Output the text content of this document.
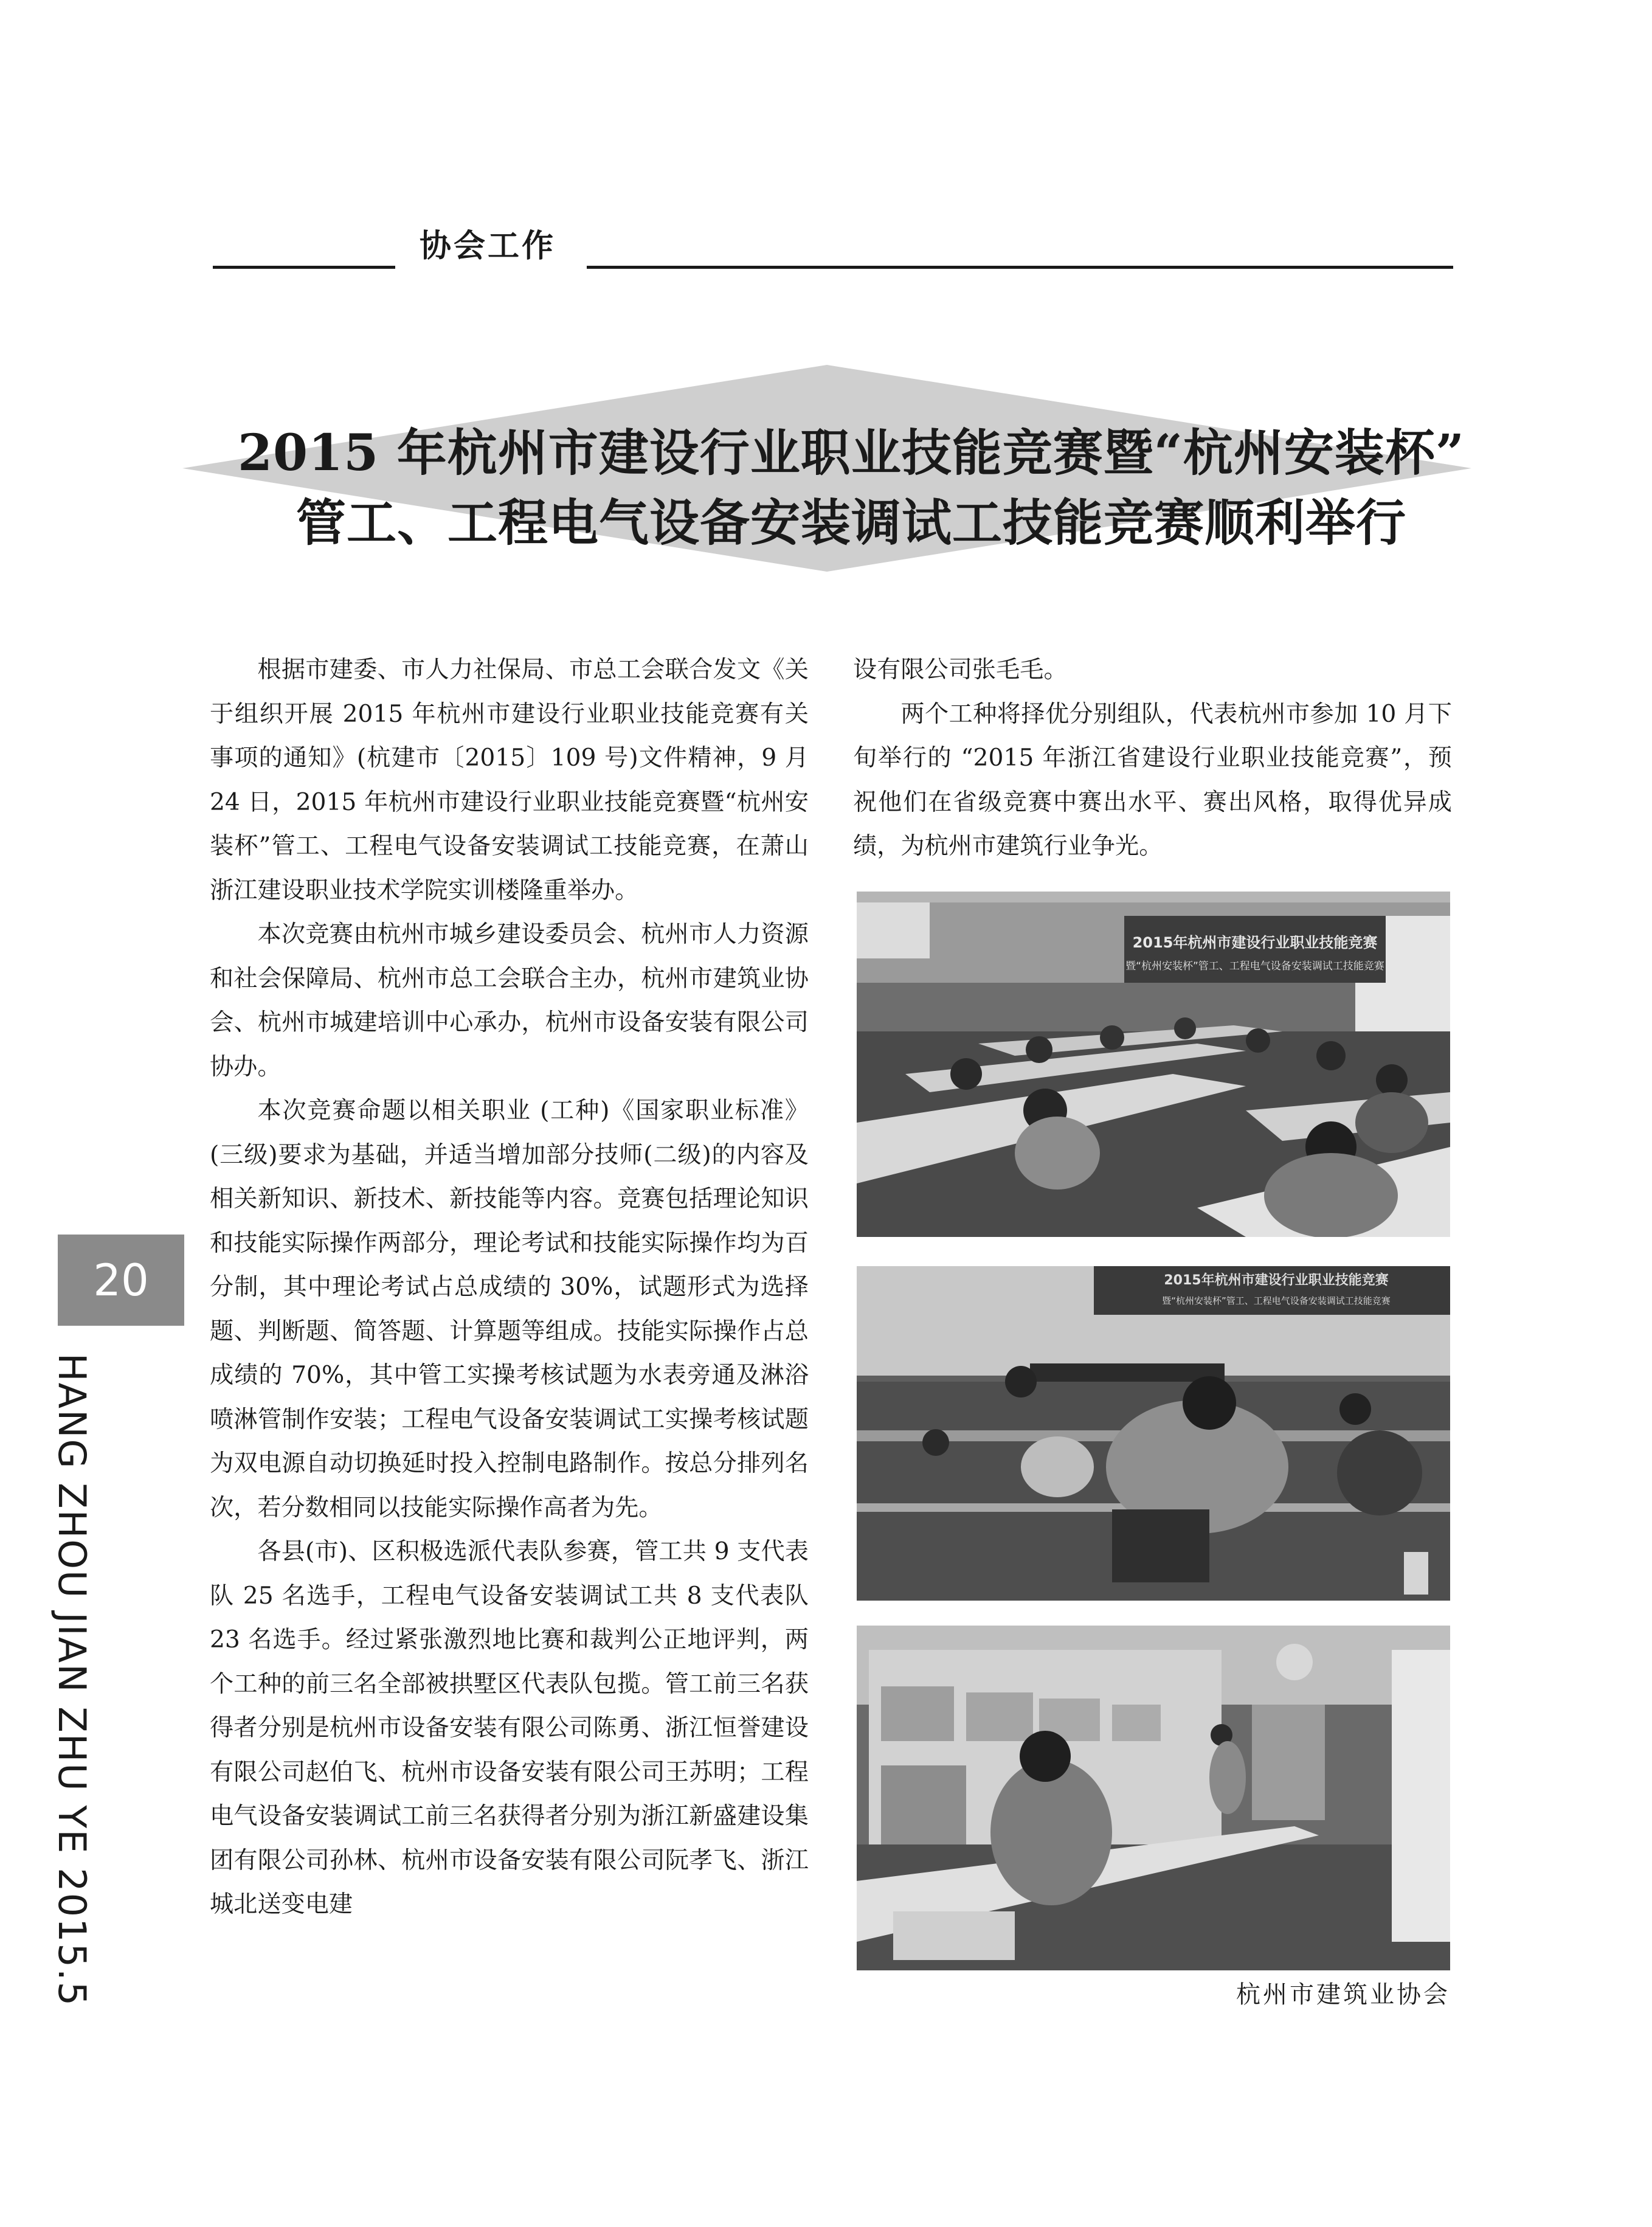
协会工作
2015 年杭州市建设行业职业技能竞赛暨“杭州安装杯”
管工、工程电气设备安装调试工技能竞赛顺利举行

根据市建委、市人力社保局、市总工会联合发文《关于组织开展 2015 年杭州市建设行业职业技能竞赛有关事项的通知》(杭建市〔2015〕109 号)文件精神，9 月 24 日，2015 年杭州市建设行业职业技能竞赛暨“杭州安装杯”管工、工程电气设备安装调试工技能竞赛，在萧山浙江建设职业技术学院实训楼隆重举办。

本次竞赛由杭州市城乡建设委员会、杭州市人力资源和社会保障局、杭州市总工会联合主办，杭州市建筑业协会、杭州市城建培训中心承办，杭州市设备安装有限公司协办。

本次竞赛命题以相关职业 (工种)《国家职业标准》(三级)要求为基础，并适当增加部分技师(二级)的内容及相关新知识、新技术、新技能等内容。竞赛包括理论知识和技能实际操作两部分，理论考试和技能实际操作均为百分制，其中理论考试占总成绩的 30%，试题形式为选择题、判断题、简答题、计算题等组成。技能实际操作占总成绩的 70%，其中管工实操考核试题为水表旁通及淋浴喷淋管制作安装；工程电气设备安装调试工实操考核试题为双电源自动切换延时投入控制电路制作。按总分排列名次，若分数相同以技能实际操作高者为先。

各县(市)、区积极选派代表队参赛，管工共 9 支代表队 25 名选手，工程电气设备安装调试工共 8 支代表队 23 名选手。经过紧张激烈地比赛和裁判公正地评判，两个工种的前三名全部被拱墅区代表队包揽。管工前三名获得者分别是杭州市设备安装有限公司陈勇、浙江恒誉建设有限公司赵伯飞、杭州市设备安装有限公司王苏明；工程电气设备安装调试工前三名获得者分别为浙江新盛建设集团有限公司孙林、杭州市设备安装有限公司阮孝飞、浙江城北送变电建

设有限公司张毛毛。

两个工种将择优分别组队，代表杭州市参加 10 月下旬举行的 “2015 年浙江省建设行业职业技能竞赛”，预祝他们在省级竞赛中赛出水平、赛出风格，取得优异成绩，为杭州市建筑行业争光。

2015年杭州市建设行业职业技能竞赛
暨“杭州安装杯”管工、工程电气设备安装调试工技能竞赛
2015年杭州市建设行业职业技能竞赛
暨“杭州安装杯”管工、工程电气设备安装调试工技能竞赛
杭州市建筑业协会
20
HANG ZHOU JIAN ZHU YE 2015.5
